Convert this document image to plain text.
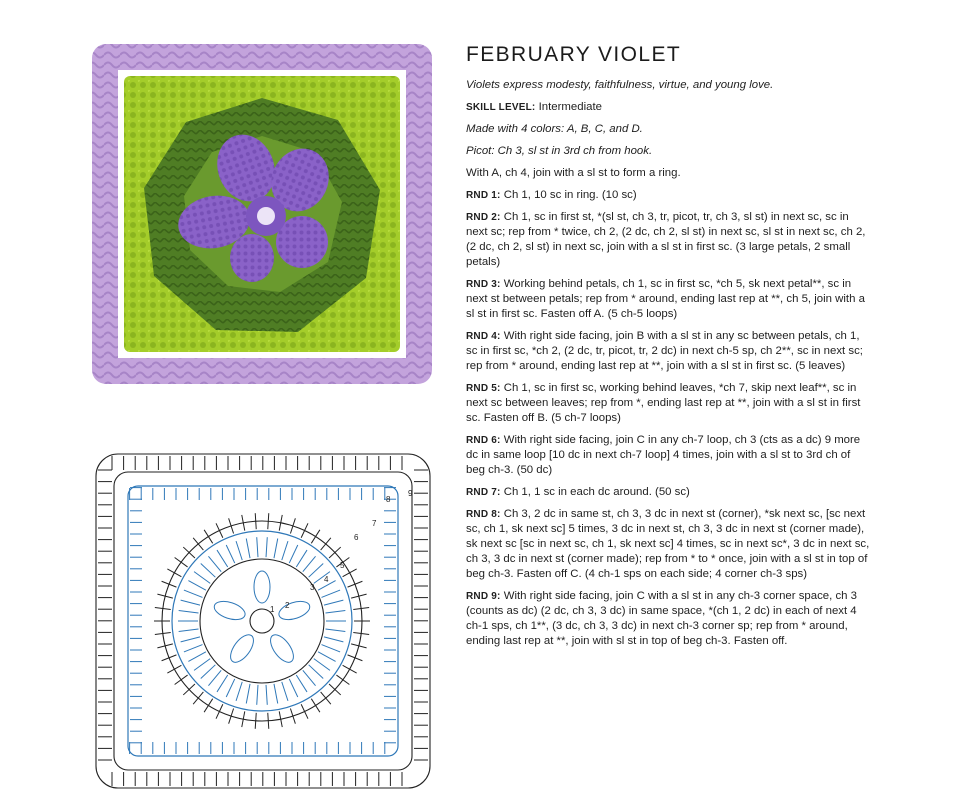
1 2
3
4
5
6
7
8
9
FEBRUARY VIOLET

Violets express modesty, faithfulness, virtue, and young love.

SKILL LEVEL: Intermediate

Made with 4 colors: A, B, C, and D.

Picot: Ch 3, sl st in 3rd ch from hook.

With A, ch 4, join with a sl st to form a ring.

RND 1: Ch 1, 10 sc in ring. (10 sc)

RND 2: Ch 1, sc in first st, *(sl st, ch 3, tr, picot, tr, ch 3, sl st) in next sc, sc in next sc; rep from * twice, ch 2, (2 dc, ch 2, sl st) in next sc, sl st in next sc, ch 2, (2 dc, ch 2, sl st) in next sc, join with a sl st in first sc. (3 large petals, 2 small petals)

RND 3: Working behind petals, ch 1, sc in first sc, *ch 5, sk next petal**, sc in next st between petals; rep from * around, ending last rep at **, ch 5, join with a sl st in first sc. Fasten off A. (5 ch-5 loops)

RND 4: With right side facing, join B with a sl st in any sc between petals, ch 1, sc in first sc, *ch 2, (2 dc, tr, picot, tr, 2 dc) in next ch-5 sp, ch 2**, sc in next sc; rep from * around, ending last rep at **, join with a sl st in first sc. (5 leaves)

RND 5: Ch 1, sc in first sc, working behind leaves, *ch 7, skip next leaf**, sc in next sc between leaves; rep from *, ending last rep at **, join with a sl st in first sc. Fasten off B. (5 ch-7 loops)

RND 6: With right side facing, join C in any ch-7 loop, ch 3 (cts as a dc) 9 more dc in same loop [10 dc in next ch-7 loop] 4 times, join with a sl st to 3rd ch of beg ch-3. (50 dc)

RND 7: Ch 1, 1 sc in each dc around. (50 sc)

RND 8: Ch 3, 2 dc in same st, ch 3, 3 dc in next st (corner), *sk next sc, [sc next sc, ch 1, sk next sc] 5 times, 3 dc in next st, ch 3, 3 dc in next st (corner made), sk next sc [sc in next sc, ch 1, sk next sc] 4 times, sc in next sc*, 3 dc in next sc, ch 3, 3 dc in next st (corner made); rep from * to * once, join with a sl st in top of beg ch-3. Fasten off C. (4 ch-1 sps on each side; 4 corner ch-3 sps)

RND 9: With right side facing, join C with a sl st in any ch-3 corner space, ch 3 (counts as dc) (2 dc, ch 3, 3 dc) in same space, *(ch 1, 2 dc) in each of next 4 ch-1 sps, ch 1**, (3 dc, ch 3, 3 dc) in next ch-3 corner sp; rep from * around, ending last rep at **, join with sl st in top of beg ch-3. Fasten off.
